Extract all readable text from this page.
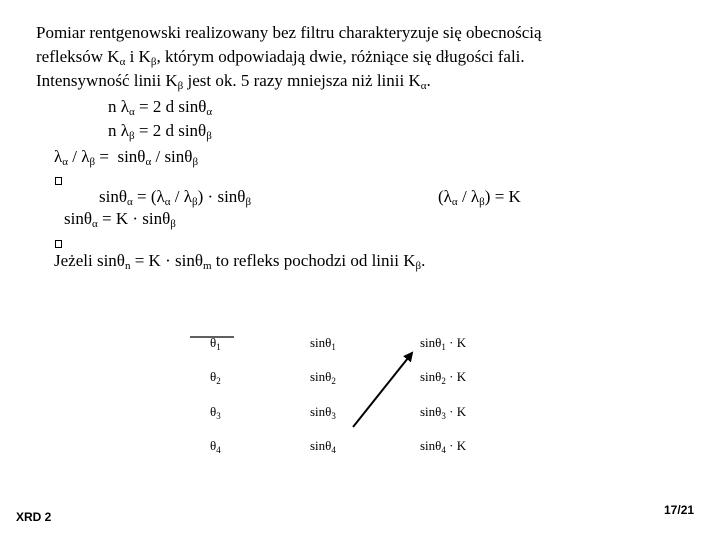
Pomiar rentgenowski realizowany bez filtru charakteryzuje się obecnością
refleksów $K_\alpha$ i $K_\beta$, którym odpowiadają dwie, różniące się długości fali.
Intensywność linii $K_\beta$ jest ok. 5 razy mniejsza niż linii $K_\alpha$.
n $\lambda_\alpha = 2$ d sinθ$_\alpha$
n $\lambda_\beta = 2$ d sinθ$_\beta$
$\lambda_\alpha / \lambda_\beta = \sin\theta_\alpha / \sin\theta_\beta$
$\sin\theta_\alpha = (\lambda_\alpha / \lambda_\beta) \cdot \sin\theta_\beta$	$(\lambda_\alpha / \lambda_\beta) = K$
sinθ$_\alpha$ = K · sinθ$_\beta$
Jeżeli sinθ$_n$ = K · sinθ$_m$ to refleks pochodzi od linii $K_\beta$.
$\theta_1$	sinθ$_1$	sinθ$_1$ · K
$\theta_2$	sinθ$_2$	sinθ$_2$ · K
$\theta_3$	sinθ$_3$	sinθ$_3$ · K
$\theta_4$	sinθ$_4$	sinθ$_4$ · K
XRD 2	17/21
